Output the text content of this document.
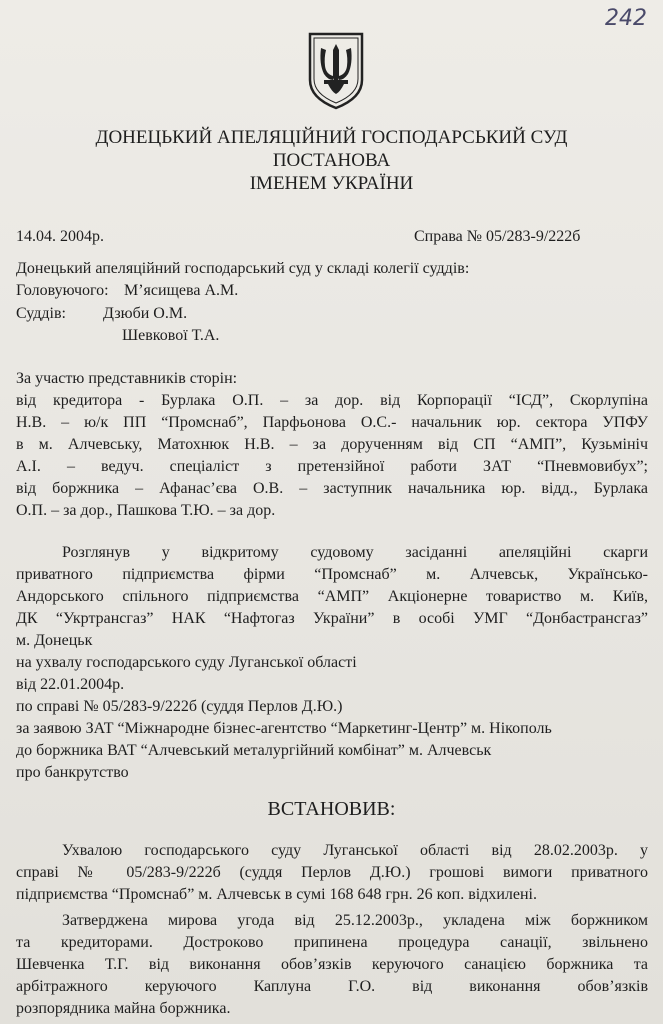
242
ДОНЕЦЬКИЙ АПЕЛЯЦІЙНИЙ ГОСПОДАРСЬКИЙ СУД
ПОСТАНОВА
ІМЕНЕМ УКРАЇНИ
14.04. 2004р.	Справа № 05/283-9/222б
Донецький апеляційний господарський суд у складі колегії суддів:
Головуючого: М’ясищева А.М.
Суддів: Дзюби О.М.
Шевкової Т.А.
За участю представників сторін:
від кредитора - Бурлака О.П. – за дор. від Корпорації “ІСД”, Скорлупіна
Н.В. – ю/к ПП “Промснаб”, Парфьонова О.С.- начальник юр. сектора УПФУ
в м. Алчевську, Матохнюк Н.В. – за дорученням від СП “АМП”, Кузьмініч
А.І. – ведуч. спеціаліст з претензійної работи ЗАТ “Пневмовибух”;
від боржника – Афанас’єва О.В. – заступник начальника юр. відд., Бурлака
О.П. – за дор., Пашкова Т.Ю. – за дор.
Розглянув у відкритому судовому засіданні апеляційні скарги
приватного підприємства фірми “Промснаб” м. Алчевськ, Українсько-
Андорського спільного підприємства “АМП” Акціонерне товариство м. Київ,
ДК “Укртрансгаз” НАК “Нафтогаз України” в особі УМГ “Донбастрансгаз”
м. Донецьк
на ухвалу господарського суду Луганської області
від 22.01.2004р.
по справі № 05/283-9/222б (суддя Перлов Д.Ю.)
за заявою ЗАТ “Міжнародне бізнес-агентство “Маркетинг-Центр” м. Нікополь
до боржника ВАТ “Алчевський металургійний комбінат” м. Алчевськ
про банкрутство
ВСТАНОВИВ:
Ухвалою господарського суду Луганської області від 28.02.2003р. у
справі № 05/283-9/222б (суддя Перлов Д.Ю.) грошові вимоги приватного
підприємства “Промснаб” м. Алчевськ в сумі 168 648 грн. 26 коп. відхилені.
Затверджена мирова угода від 25.12.2003р., укладена між боржником
та кредиторами. Достроково припинена процедура санації, звільнено
Шевченка Т.Г. від виконання обов’язків керуючого санацією боржника та
арбітражного керуючого Каплуна Г.О. від виконання обов’язків
розпорядника майна боржника.
